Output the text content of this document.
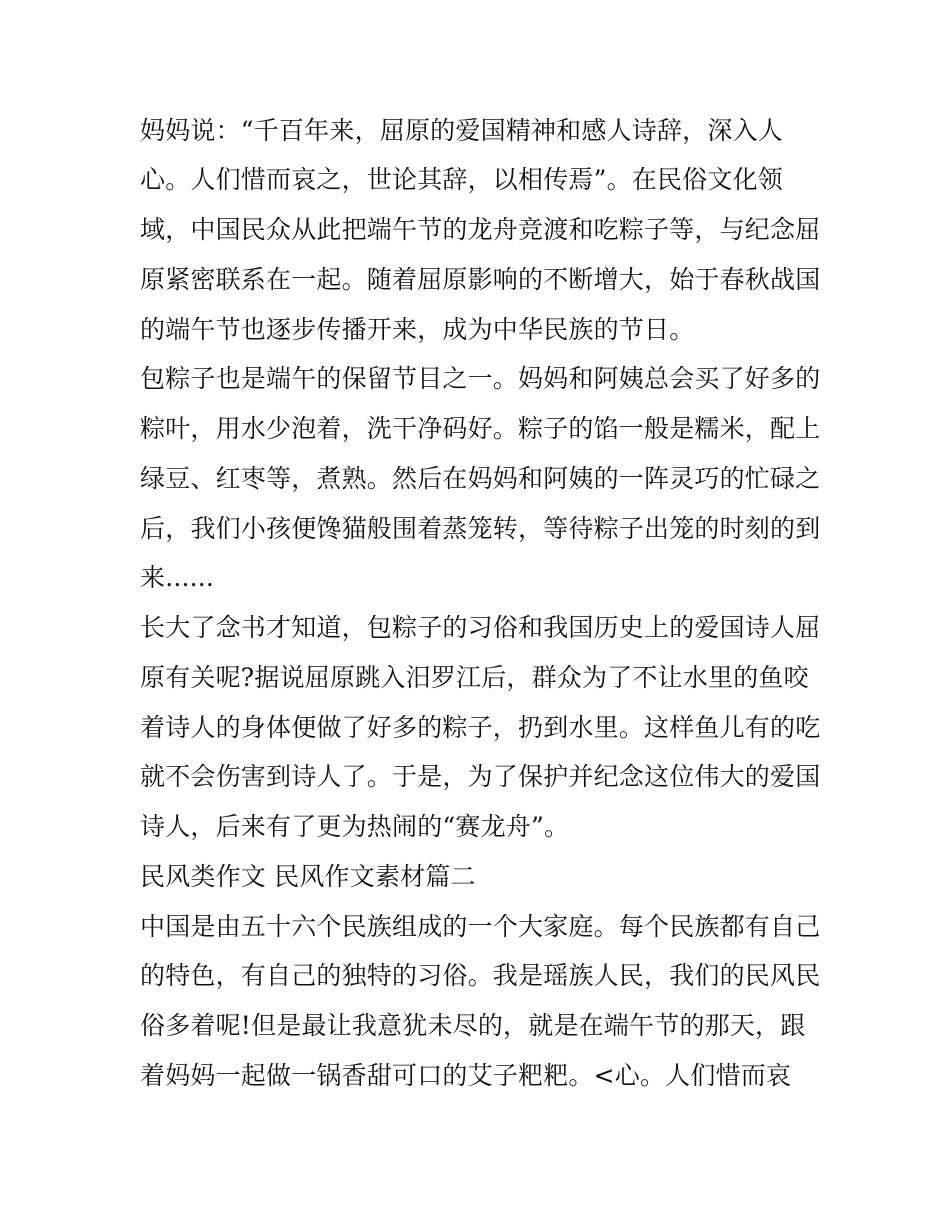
妈妈说：“千百年来，屈原的爱国精神和感人诗辞，深入人
心。人们惜而哀之，世论其辞，以相传焉”。在民俗文化领
域，中国民众从此把端午节的龙舟竞渡和吃粽子等，与纪念屈
原紧密联系在一起。随着屈原影响的不断增大，始于春秋战国
的端午节也逐步传播开来，成为中华民族的节日。
包粽子也是端午的保留节目之一。妈妈和阿姨总会买了好多的
粽叶，用水少泡着，洗干净码好。粽子的馅一般是糯米，配上
绿豆、红枣等，煮熟。然后在妈妈和阿姨的一阵灵巧的忙碌之
后，我们小孩便馋猫般围着蒸笼转，等待粽子出笼的时刻的到
来......
长大了念书才知道，包粽子的习俗和我国历史上的爱国诗人屈
原有关呢?据说屈原跳入汨罗江后，群众为了不让水里的鱼咬
着诗人的身体便做了好多的粽子，扔到水里。这样鱼儿有的吃
就不会伤害到诗人了。于是，为了保护并纪念这位伟大的爱国
诗人，后来有了更为热闹的“赛龙舟”。
民风类作文 民风作文素材篇二
中国是由五十六个民族组成的一个大家庭。每个民族都有自己
的特色，有自己的独特的习俗。我是瑶族人民，我们的民风民
俗多着呢!但是最让我意犹未尽的，就是在端午节的那天，跟
着妈妈一起做一锅香甜可口的艾子粑粑。<心。人们惜而哀
